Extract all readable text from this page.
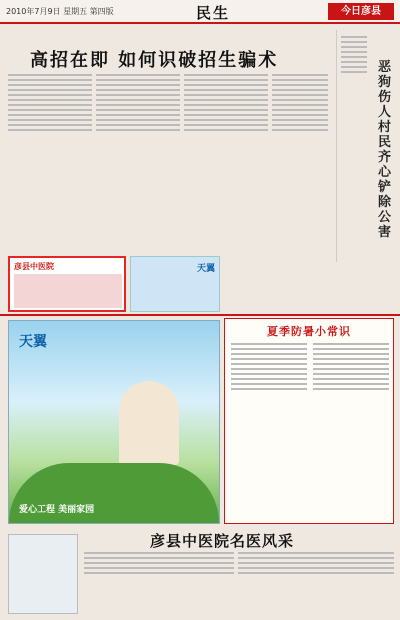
2010年7月9日 星期五 第四版	民生	今日彦县
高招在即 如何识破招生骗术	恶狗伤人 村民齐心铲除公害
彦县中医院	天翼
天翼
爱心工程 美丽家园
夏季防暑小常识
彦县中医院名医风采
